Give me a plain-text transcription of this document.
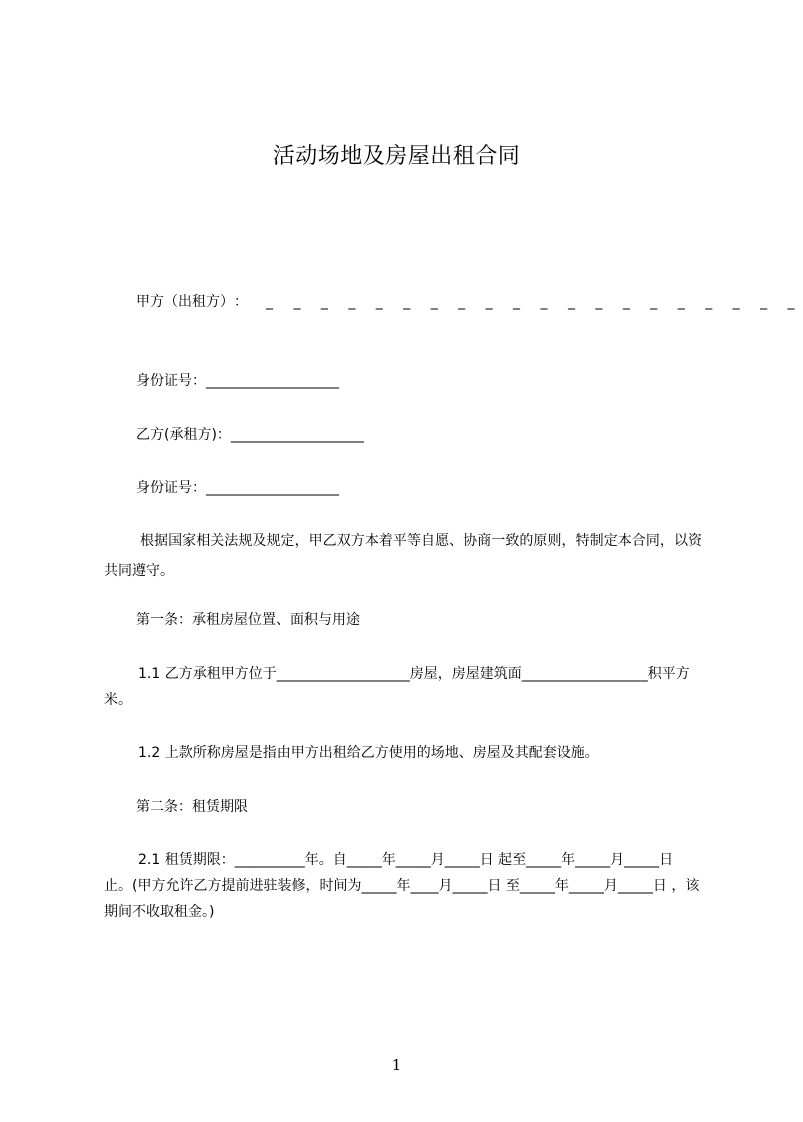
活动场地及房屋出租合同
甲 方 （ 出 租 方 ） ： _ _ _ _ _ _ _ _ _ _ _ _ _ _ _ _ _ _ _ _
身份证号：___________________
乙方(承租方)：___________________
身份证号：___________________
根据国家相关法规及规定，甲乙双方本着平等自愿、协商一致的原则，特制定本合同，以资共同遵守。
第一条：承租房屋位置、面积与用途
1.1 乙方承租甲方位于___________________房屋，房屋建筑面__________________积平方米。
1.2 上款所称房屋是指由甲方出租给乙方使用的场地、房屋及其配套设施。
第二条：租赁期限
2.1 租赁期限：__________年。自_____年_____月_____日 起至_____年_____月_____日　止。(甲方允许乙方提前进驻装修，时间为_____年____月_____日 至_____年_____月_____日 ，该期间不收取租金。)
1
